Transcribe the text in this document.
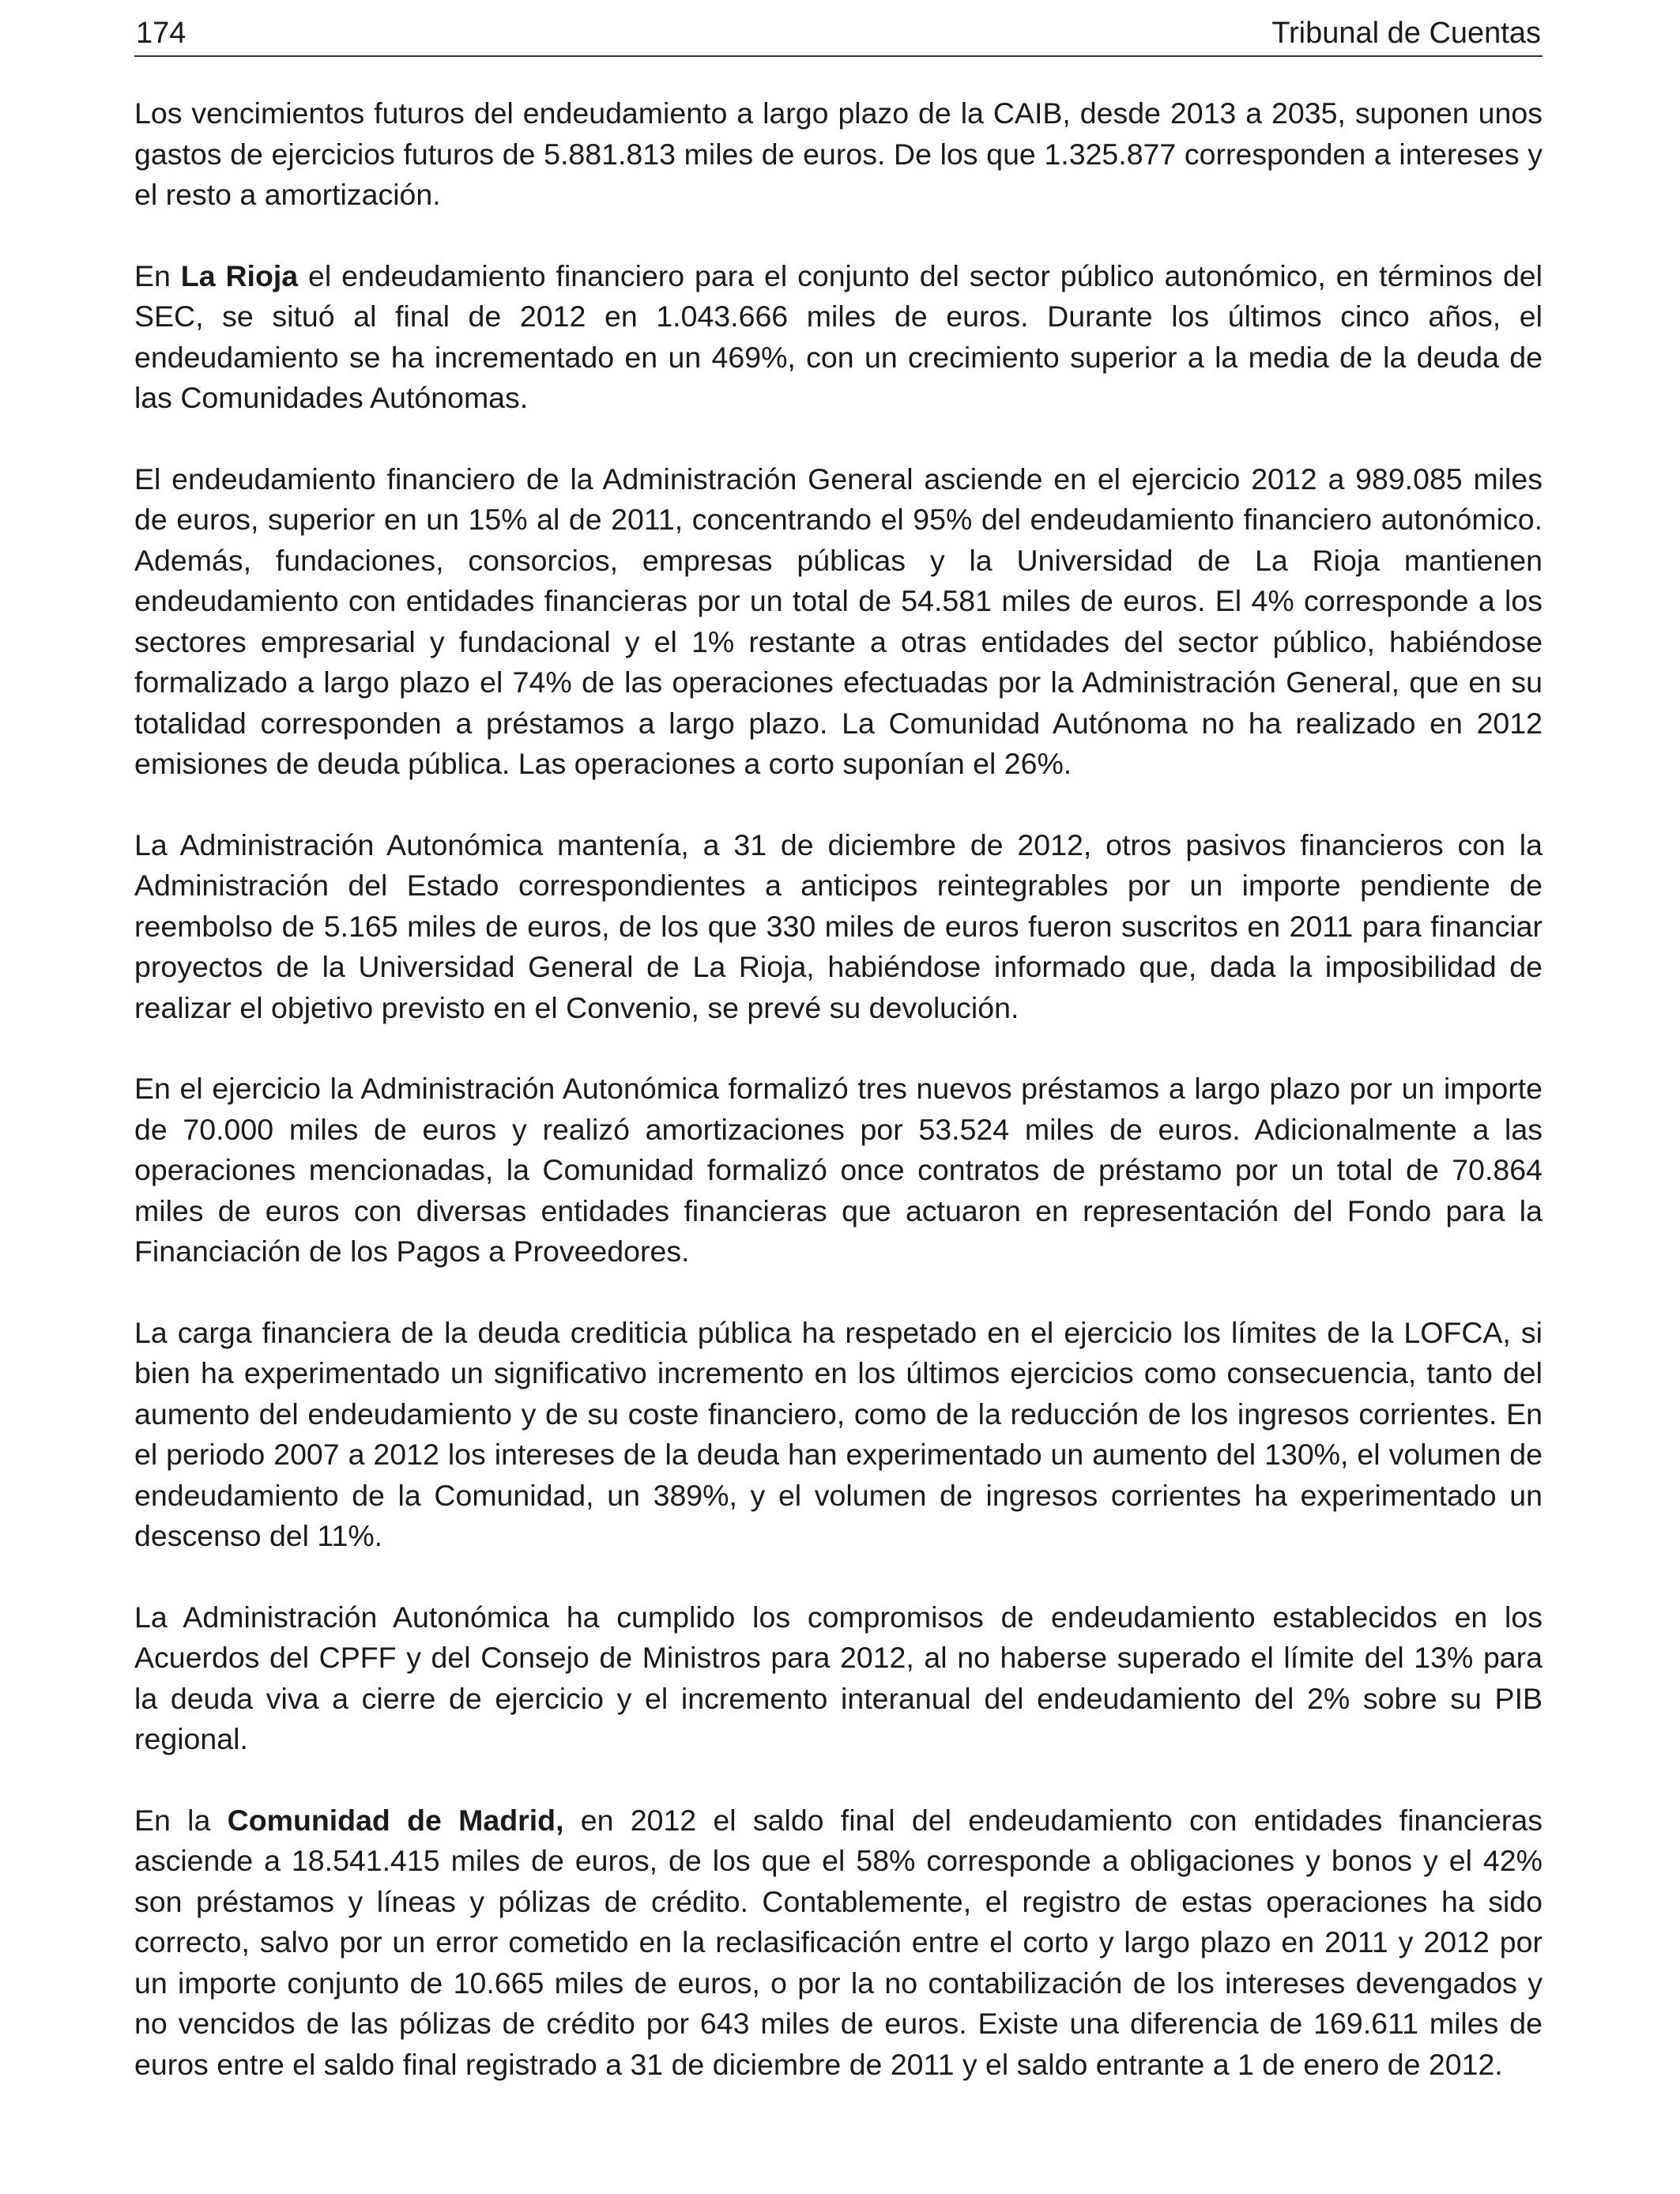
174	Tribunal de Cuentas

Los vencimientos futuros del endeudamiento a largo plazo de la CAIB, desde 2013 a 2035, suponen unos gastos de ejercicios futuros de 5.881.813 miles de euros. De los que 1.325.877 corresponden a intereses y el resto a amortización.

En La Rioja el endeudamiento financiero para el conjunto del sector público autonómico, en términos del SEC, se situó al final de 2012 en 1.043.666 miles de euros. Durante los últimos cinco años, el endeudamiento se ha incrementado en un 469%, con un crecimiento superior a la media de la deuda de las Comunidades Autónomas.

El endeudamiento financiero de la Administración General asciende en el ejercicio 2012 a 989.085 miles de euros, superior en un 15% al de 2011, concentrando el 95% del endeudamiento financiero autonómico. Además, fundaciones, consorcios, empresas públicas y la Universidad de La Rioja mantienen endeudamiento con entidades financieras por un total de 54.581 miles de euros. El 4% corresponde a los sectores empresarial y fundacional y el 1% restante a otras entidades del sector público, habiéndose formalizado a largo plazo el 74% de las operaciones efectuadas por la Administración General, que en su totalidad corresponden a préstamos a largo plazo. La Comunidad Autónoma no ha realizado en 2012 emisiones de deuda pública. Las operaciones a corto suponían el 26%.

La Administración Autonómica mantenía, a 31 de diciembre de 2012, otros pasivos financieros con la Administración del Estado correspondientes a anticipos reintegrables por un importe pendiente de reembolso de 5.165 miles de euros, de los que 330 miles de euros fueron suscritos en 2011 para financiar proyectos de la Universidad General de La Rioja, habiéndose informado que, dada la imposibilidad de realizar el objetivo previsto en el Convenio, se prevé su devolución.

En el ejercicio la Administración Autonómica formalizó tres nuevos préstamos a largo plazo por un importe de 70.000 miles de euros y realizó amortizaciones por 53.524 miles de euros. Adicionalmente a las operaciones mencionadas, la Comunidad formalizó once contratos de préstamo por un total de 70.864 miles de euros con diversas entidades financieras que actuaron en representación del Fondo para la Financiación de los Pagos a Proveedores.

La carga financiera de la deuda crediticia pública ha respetado en el ejercicio los límites de la LOFCA, si bien ha experimentado un significativo incremento en los últimos ejercicios como consecuencia, tanto del aumento del endeudamiento y de su coste financiero, como de la reducción de los ingresos corrientes. En el periodo 2007 a 2012 los intereses de la deuda han experimentado un aumento del 130%, el volumen de endeudamiento de la Comunidad, un 389%, y el volumen de ingresos corrientes ha experimentado un descenso del 11%.

La Administración Autonómica ha cumplido los compromisos de endeudamiento establecidos en los Acuerdos del CPFF y del Consejo de Ministros para 2012, al no haberse superado el límite del 13% para la deuda viva a cierre de ejercicio y el incremento interanual del endeudamiento del 2% sobre su PIB regional.

En la Comunidad de Madrid, en 2012 el saldo final del endeudamiento con entidades financieras asciende a 18.541.415 miles de euros, de los que el 58% corresponde a obligaciones y bonos y el 42% son préstamos y líneas y pólizas de crédito. Contablemente, el registro de estas operaciones ha sido correcto, salvo por un error cometido en la reclasificación entre el corto y largo plazo en 2011 y 2012 por un importe conjunto de 10.665 miles de euros, o por la no contabilización de los intereses devengados y no vencidos de las pólizas de crédito por 643 miles de euros. Existe una diferencia de 169.611 miles de euros entre el saldo final registrado a 31 de diciembre de 2011 y el saldo entrante a 1 de enero de 2012.
